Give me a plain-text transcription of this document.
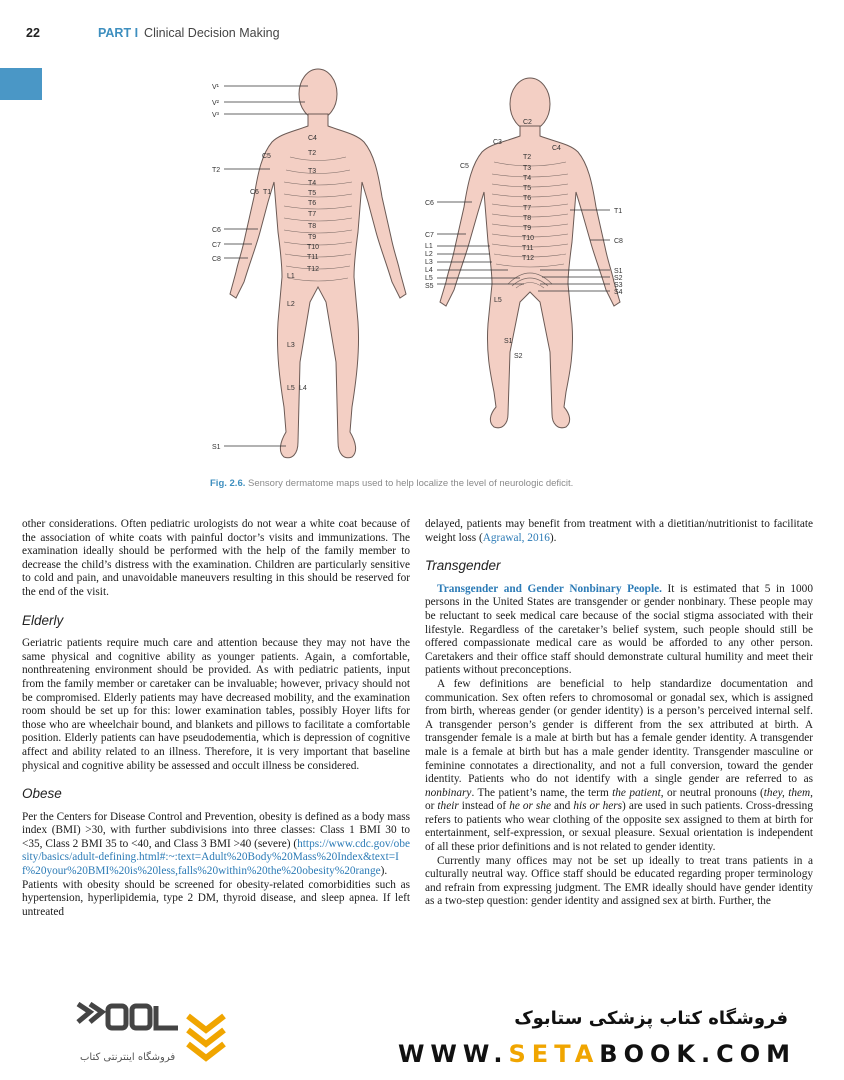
22	PART I Clinical Decision Making
V¹
V²
V³
T2
C6
C7
C8
S1
C4
C5	T2
C6 T1
T3
T4
T5
T6
T7
T8
T9
T10
T11
T12
L1
L2
L3
L5 L4
C3
C5
C6
C7
L1
L2
L3
L4
L5
S5
C4
T1
C8
S1
S2
S3
S4
C2
T2
T3
T4
T5
T6
T7
T8
T9
T10
T11
T12
L5
S1
S2
Fig. 2.6. Sensory dermatome maps used to help localize the level of neurologic deficit.

other considerations. Often pediatric urologists do not wear a white coat because of the association of white coats with painful doctor’s visits and immunizations. The examination ideally should be performed with the help of the family member to decrease the child’s distress with the examination. Children are particularly sensitive to cold and pain, and unavoidable maneuvers resulting in this should be reserved for the end of the visit.

Elderly

Geriatric patients require much care and attention because they may not have the same physical and cognitive ability as younger patients. Again, a comfortable, nonthreatening environment should be provided. As with pediatric patients, input from the family member or caretaker can be invaluable; however, privacy should not be compromised. Elderly patients may have decreased mobility, and the examination room should be set up for this: lower examination tables, possibly Hoyer lifts for those who are wheelchair bound, and blankets and pillows to facilitate a comfortable position. Elderly patients can have pseudodementia, which is depression of cognitive affect and ability related to an illness. Therefore, it is very important that baseline physical and cognitive ability be assessed and occult illness be considered.

Obese

Per the Centers for Disease Control and Prevention, obesity is defined as a body mass index (BMI) >30, with further subdivisions into three classes: Class 1 BMI 30 to <35, Class 2 BMI 35 to <40, and Class 3 BMI >40 (severe) (https://www.cdc.gov/obesity/basics/adult-defining.html#:~:text=Adult%20Body%20Mass%20Index&text=If%20your%20BMI%20is%20less,falls%20within%20the%20obesity%20range). Patients with obesity should be screened for obesity-related comorbidities such as hypertension, hyperlipidemia, type 2 DM, thyroid disease, and sleep apnea. If left untreated

delayed, patients may benefit from treatment with a dietitian/nutritionist to facilitate weight loss (Agrawal, 2016).

Transgender

Transgender and Gender Nonbinary People. It is estimated that 5 in 1000 persons in the United States are transgender or gender nonbinary. These people may be reluctant to seek medical care because of the social stigma associated with their lifestyle. Regardless of the caretaker’s belief system, such people should still be offered compassionate medical care as would be afforded to any other person. Caretakers and their office staff should demonstrate cultural humility and meet their patients without preconceptions.

A few definitions are beneficial to help standardize documentation and communication. Sex often refers to chromosomal or gonadal sex, which is assigned from birth, whereas gender (or gender identity) is a person’s perceived internal self. A transgender person’s gender is different from the sex attributed at birth. A transgender female is a male at birth but has a female gender identity. A transgender male is a female at birth but has a male gender identity. Transgender masculine or feminine connotates a directionality, and not a full conversion, toward the gender identity. Patients who do not identify with a single gender are referred to as nonbinary. The patient’s name, the term the patient, or neutral pronouns (they, them, or their instead of he or she and his or hers) are used in such patients. Cross-dressing refers to patients who wear clothing of the opposite sex assigned to them at birth for entertainment, self-expression, or sexual pleasure. Sexual orientation is independent of all these prior definitions and is not related to gender identity.

Currently many offices may not be set up ideally to treat trans patients in a culturally neutral way. Office staff should be educated regarding proper terminology and refrain from expressing judgment. The EMR ideally should have gender identity as a two-step question: gender identity and assigned sex at birth. Further, the

فروشگاه اینترنتی کتاب
فروشگاه کتاب پزشکی ستابوک
WWW.SETABOOK.COM
